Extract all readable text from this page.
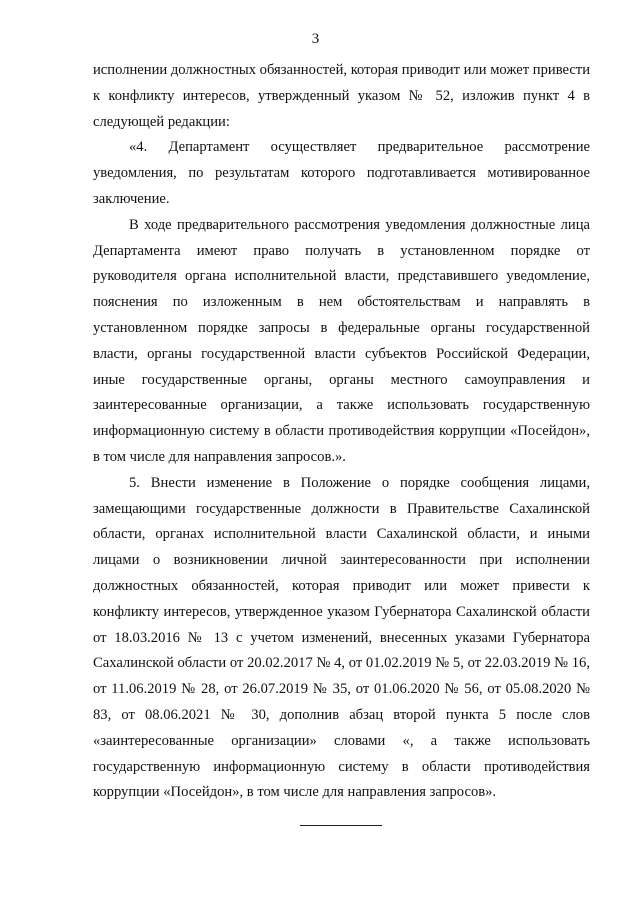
3

исполнении должностных обязанностей, которая приводит или может привести к конфликту интересов, утвержденный указом № 52, изложив пункт 4 в следующей редакции:

«4. Департамент осуществляет предварительное рассмотрение уведомления, по результатам которого подготавливается мотивированное заключение.

В ходе предварительного рассмотрения уведомления должностные лица Департамента имеют право получать в установленном порядке от руководителя органа исполнительной власти, представившего уведомление, пояснения по изложенным в нем обстоятельствам и направлять в установленном порядке запросы в федеральные органы государственной власти, органы государственной власти субъектов Российской Федерации, иные государственные органы, органы местного самоуправления и заинтересованные организации, а также использовать государственную информационную систему в области противодействия коррупции «Посейдон», в том числе для направления запросов.».

5. Внести изменение в Положение о порядке сообщения лицами, замещающими государственные должности в Правительстве Сахалинской области, органах исполнительной власти Сахалинской области, и иными лицами о возникновении личной заинтересованности при исполнении должностных обязанностей, которая приводит или может привести к конфликту интересов, утвержденное указом Губернатора Сахалинской области от 18.03.2016 № 13 с учетом изменений, внесенных указами Губернатора Сахалинской области от 20.02.2017 № 4, от 01.02.2019 № 5, от 22.03.2019 № 16, от 11.06.2019 № 28, от 26.07.2019 № 35, от 01.06.2020 № 56, от 05.08.2020 № 83, от 08.06.2021 № 30, дополнив абзац второй пункта 5 после слов «заинтересованные организации» словами «, а также использовать государственную информационную систему в области противодействия коррупции «Посейдон», в том числе для направления запросов».
